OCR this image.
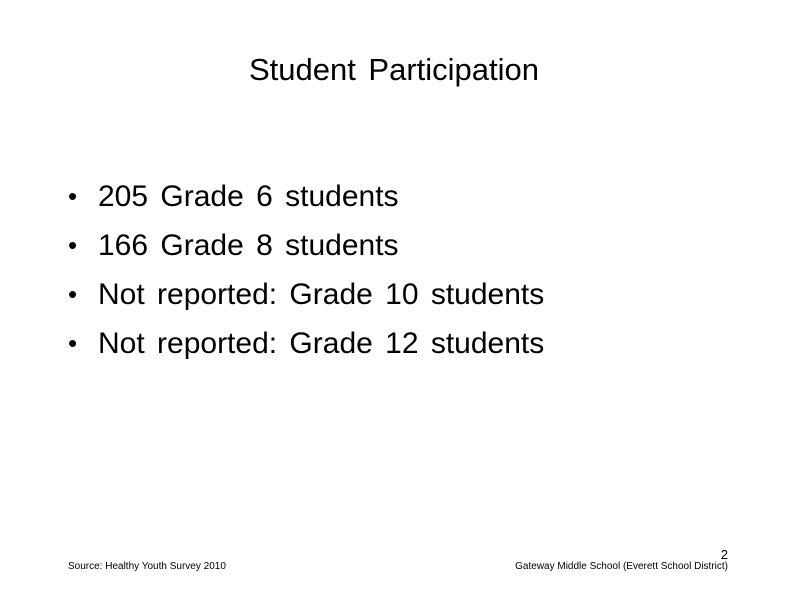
Student Participation
• 205 Grade 6 students
• 166 Grade 8 students
• Not reported: Grade 10 students
• Not reported: Grade 12 students
2
Source: Healthy Youth Survey 2010	Gateway Middle School (Everett School District)
